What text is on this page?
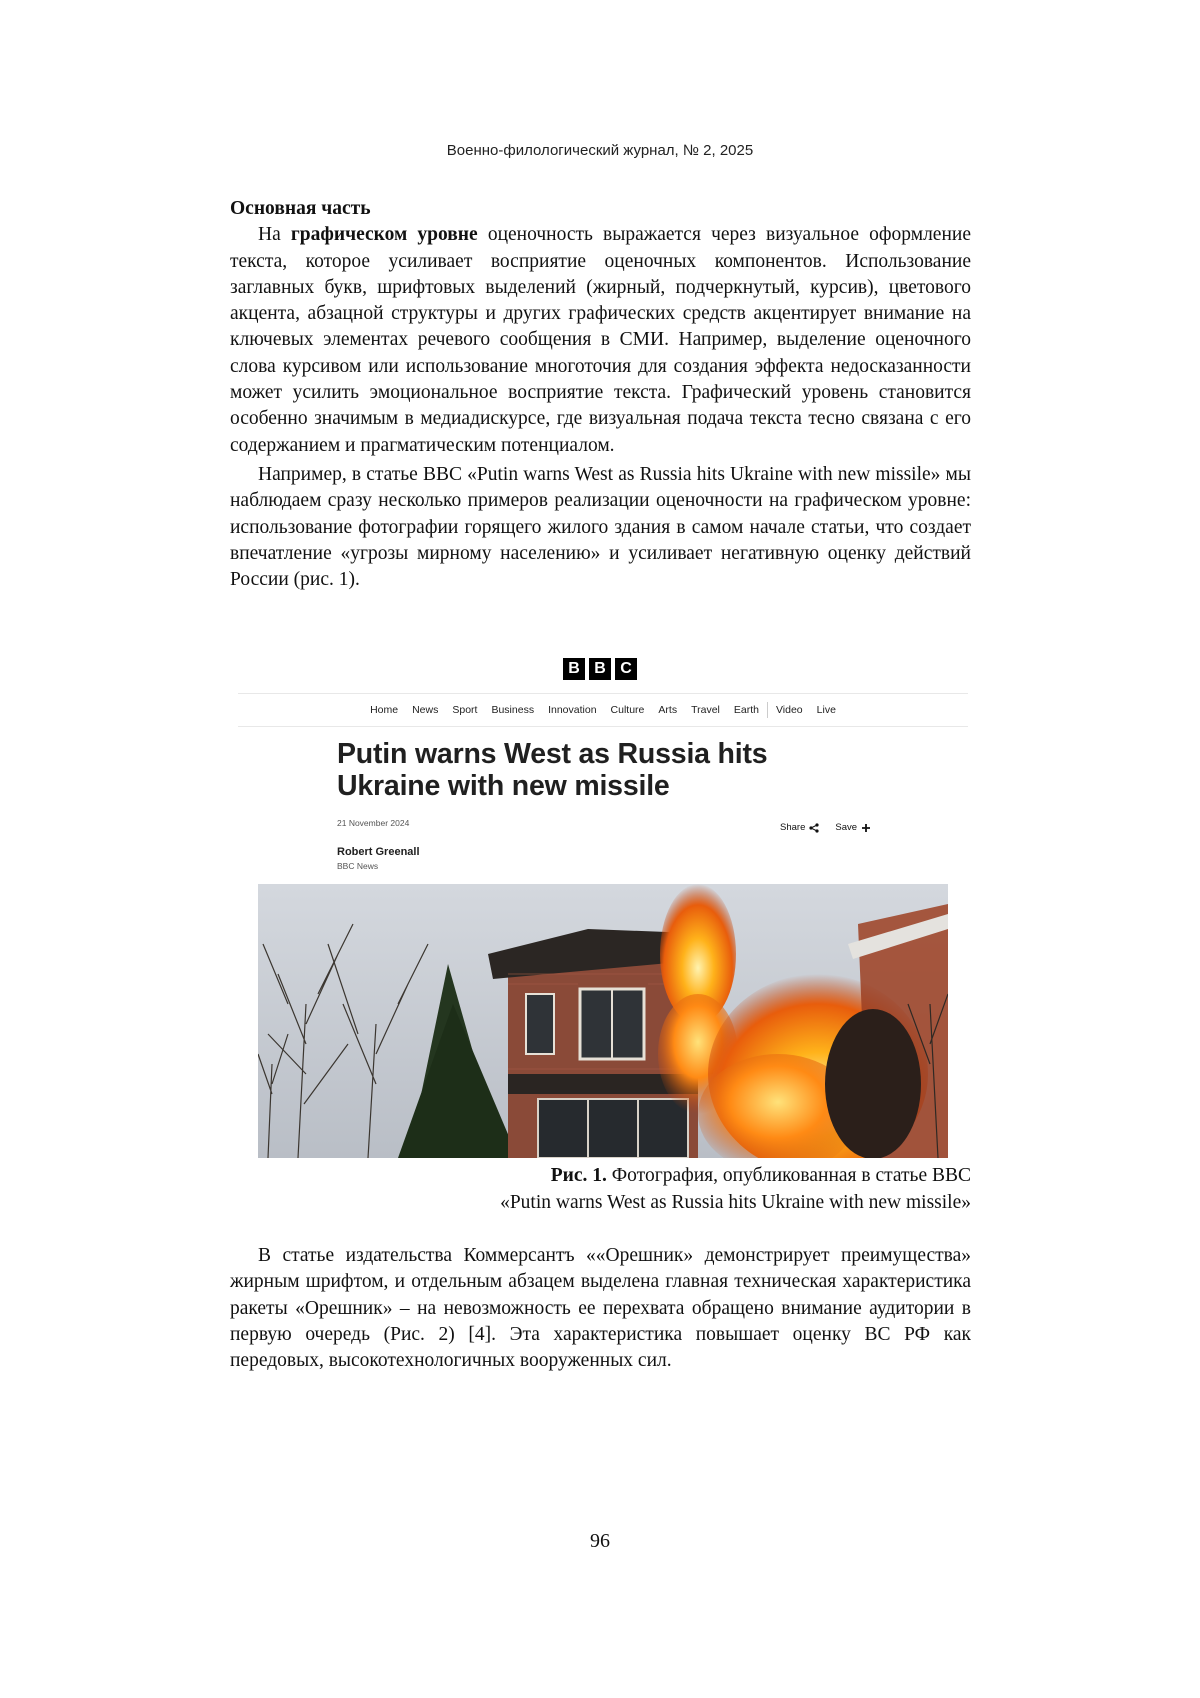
Военно-филологический журнал, № 2, 2025
Основная часть

На графическом уровне оценочность выражается через визуальное оформление текста, которое усиливает восприятие оценочных компонентов. Использование заглавных букв, шрифтовых выделений (жирный, подчеркнутый, курсив), цветового акцента, абзацной структуры и других графических средств акцентирует внимание на ключевых элементах речевого сообщения в СМИ. Например, выделение оценочного слова курсивом или использование многоточия для создания эффекта недосказанности может усилить эмоциональное восприятие текста. Графический уровень становится особенно значимым в медиадискурсе, где визуальная подача текста тесно связана с его содержанием и прагматическим потенциалом.

Например, в статье BBC «Putin warns West as Russia hits Ukraine with new missile» мы наблюдаем сразу несколько примеров реализации оценочности на графическом уровне: использование фотографии горящего жилого здания в самом начале статьи, что создает впечатление «угрозы мирному населению» и усиливает негативную оценку действий России (рис. 1).

B B C
Home News Sport Business Innovation Culture Arts Travel Earth Video Live
Putin warns West as Russia hits Ukraine with new missile
21 November 2024	Share	Save
Robert Greenall
BBC News
Рис. 1. Фотография, опубликованная в статье BBC
«Putin warns West as Russia hits Ukraine with new missile»

В статье издательства Коммерсантъ ««Орешник» демонстрирует преимущества» жирным шрифтом, и отдельным абзацем выделена главная техническая характеристика ракеты «Орешник» – на невозможность ее перехвата обращено внимание аудитории в первую очередь (Рис. 2) [4]. Эта характеристика повышает оценку ВС РФ как передовых, высокотехнологичных вооруженных сил.

96
